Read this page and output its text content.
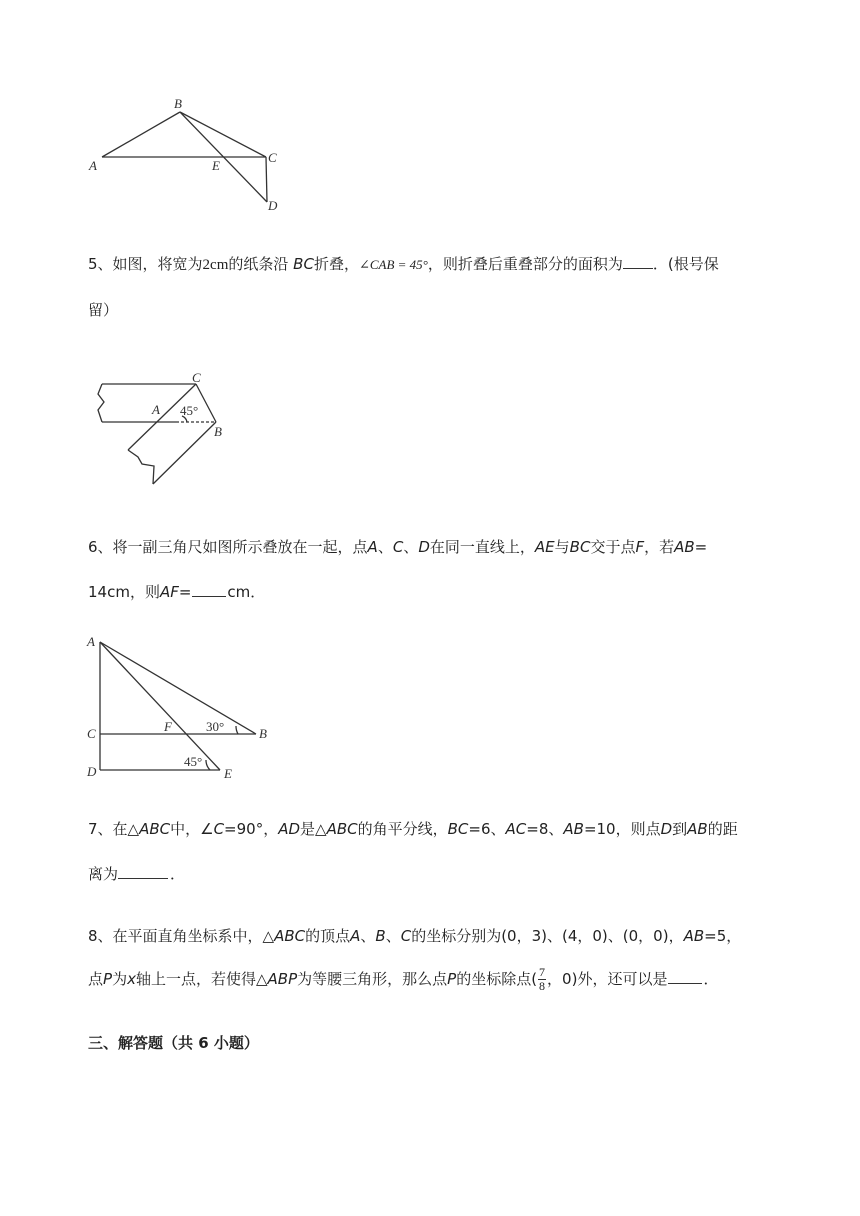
B
A	E
C
D
5、如图，将宽为2cm的纸条沿 BC折叠，∠CAB = 45°，则折叠后重叠部分的面积为 ．(根号保
留）
C
A 45°
B
6、将一副三角尺如图所示叠放在一起，点A、C、D在同一直线上，AE与BC交于点F，若AB=
14cm，则AF= cm．
A
C
D
F	30°	B
45°
E
7、在△ABC中，∠C=90°，AD是△ABC的角平分线，BC=6、AC=8、AB=10，则点D到AB的距
离为	．
8、在平面直角坐标系中，△ABC的顶点A、B、C的坐标分别为(0，3)、(4，0)、(0，0)，AB=5，
点P为x轴上一点，若使得△ABP为等腰三角形，那么点P的坐标除点( $\frac{7}{8}$ ，0)外，还可以是 ．
三、解答题（共 6 小题）
